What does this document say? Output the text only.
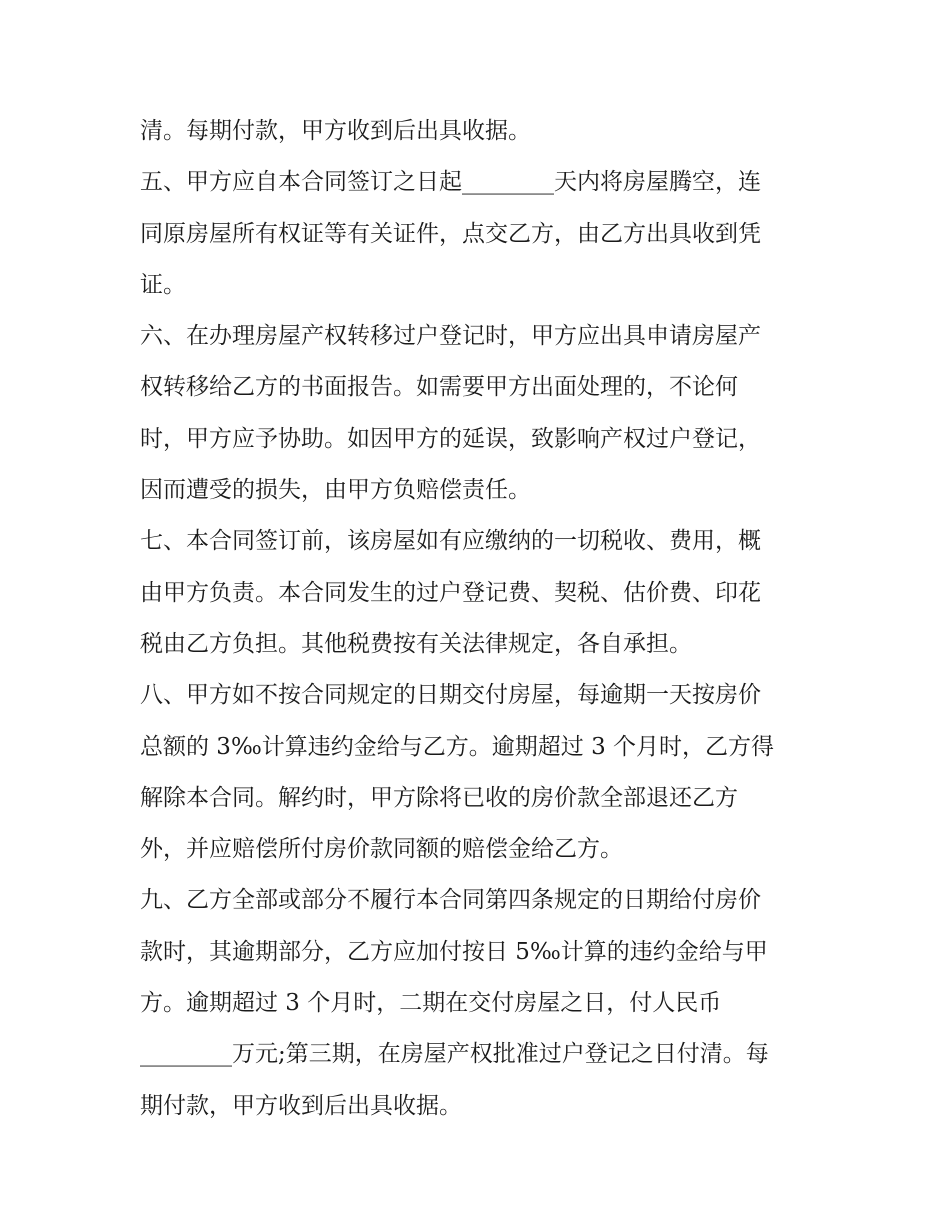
清。每期付款，甲方收到后出具收据。
五、甲方应自本合同签订之日起________天内将房屋腾空，连
同原房屋所有权证等有关证件，点交乙方，由乙方出具收到凭
证。
六、在办理房屋产权转移过户登记时，甲方应出具申请房屋产
权转移给乙方的书面报告。如需要甲方出面处理的，不论何
时，甲方应予协助。如因甲方的延误，致影响产权过户登记，
因而遭受的损失，由甲方负赔偿责任。
七、本合同签订前，该房屋如有应缴纳的一切税收、费用，概
由甲方负责。本合同发生的过户登记费、契税、估价费、印花
税由乙方负担。其他税费按有关法律规定，各自承担。
八、甲方如不按合同规定的日期交付房屋，每逾期一天按房价
总额的 3‰计算违约金给与乙方。逾期超过 3 个月时，乙方得
解除本合同。解约时，甲方除将已收的房价款全部退还乙方
外，并应赔偿所付房价款同额的赔偿金给乙方。
九、乙方全部或部分不履行本合同第四条规定的日期给付房价
款时，其逾期部分，乙方应加付按日 5‰计算的违约金给与甲
方。逾期超过 3 个月时，二期在交付房屋之日，付人民币
________万元;第三期，在房屋产权批准过户登记之日付清。每
期付款，甲方收到后出具收据。
